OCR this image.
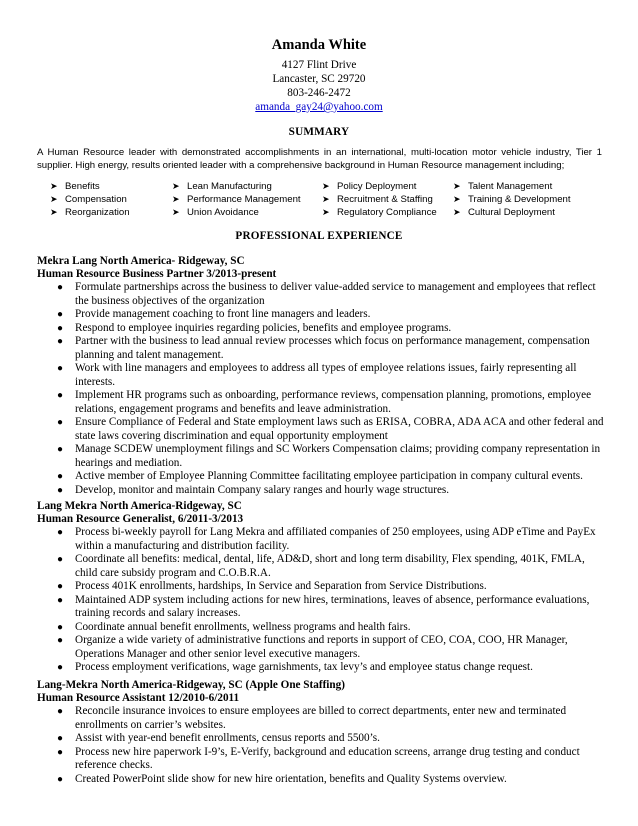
Amanda White
4127 Flint Drive
Lancaster, SC 29720
803-246-2472
amanda_gay24@yahoo.com
SUMMARY
A Human Resource leader with demonstrated accomplishments in an international, multi-location motor vehicle industry, Tier 1 supplier. High energy, results oriented leader with a comprehensive background in Human Resource management including;
➤ Benefits
➤ Compensation
➤ Reorganization
➤ Lean Manufacturing
➤ Performance Management
➤ Union Avoidance
➤ Policy Deployment
➤ Recruitment & Staffing
➤ Regulatory Compliance
➤ Talent Management
➤ Training & Development
➤ Cultural Deployment
PROFESSIONAL EXPERIENCE
Mekra Lang North America- Ridgeway, SC
Human Resource Business Partner 3/2013-present
● Formulate partnerships across the business to deliver value-added service to management and employees that reflect the business objectives of the organization
● Provide management coaching to front line managers and leaders.
● Respond to employee inquiries regarding policies, benefits and employee programs.
● Partner with the business to lead annual review processes which focus on performance management, compensation planning and talent management.
● Work with line managers and employees to address all types of employee relations issues, fairly representing all interests.
● Implement HR programs such as onboarding, performance reviews, compensation planning, promotions, employee relations, engagement programs and benefits and leave administration.
● Ensure Compliance of Federal and State employment laws such as ERISA, COBRA, ADA ACA and other federal and state laws covering discrimination and equal opportunity employment
● Manage SCDEW unemployment filings and SC Workers Compensation claims; providing company representation in hearings and mediation.
● Active member of Employee Planning Committee facilitating employee participation in company cultural events.
● Develop, monitor and maintain Company salary ranges and hourly wage structures.
Lang Mekra North America-Ridgeway, SC
Human Resource Generalist, 6/2011-3/2013
● Process bi-weekly payroll for Lang Mekra and affiliated companies of 250 employees, using ADP eTime and PayEx within a manufacturing and distribution facility.
● Coordinate all benefits: medical, dental, life, AD&D, short and long term disability, Flex spending, 401K, FMLA, child care subsidy program and C.O.B.R.A.
● Process 401K enrollments, hardships, In Service and Separation from Service Distributions.
● Maintained ADP system including actions for new hires, terminations, leaves of absence, performance evaluations, training records and salary increases.
● Coordinate annual benefit enrollments, wellness programs and health fairs.
● Organize a wide variety of administrative functions and reports in support of CEO, COA, COO, HR Manager, Operations Manager and other senior level executive managers.
● Process employment verifications, wage garnishments, tax levy’s and employee status change request.
Lang-Mekra North America-Ridgeway, SC (Apple One Staffing)
Human Resource Assistant 12/2010-6/2011
● Reconcile insurance invoices to ensure employees are billed to correct departments, enter new and terminated enrollments on carrier’s websites.
● Assist with year-end benefit enrollments, census reports and 5500’s.
● Process new hire paperwork I-9’s, E-Verify, background and education screens, arrange drug testing and conduct reference checks.
● Created PowerPoint slide show for new hire orientation, benefits and Quality Systems overview.
